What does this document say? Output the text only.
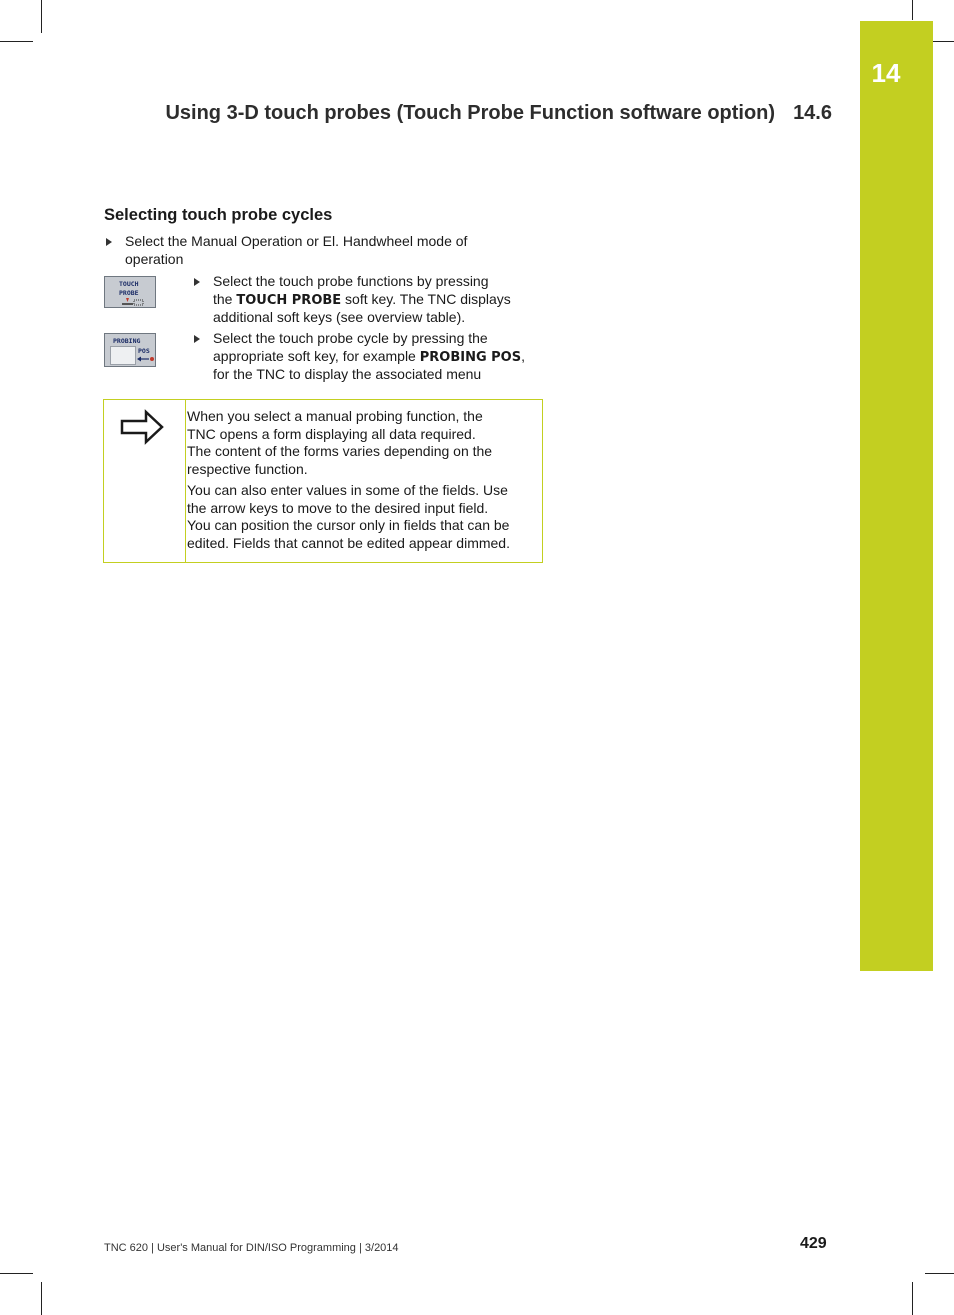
14
Using 3-D touch probes (Touch Probe Function software option) 14.6
Selecting touch probe cycles
Select the Manual Operation or El. Handwheel mode of
operation
TOUCH
PROBE
Select the touch probe functions by pressing
the TOUCH PROBE soft key. The TNC displays
additional soft keys (see overview table).
PROBING
POS
Select the touch probe cycle by pressing the
appropriate soft key, for example PROBING POS,
for the TNC to display the associated menu

When you select a manual probing function, the
TNC opens a form displaying all data required.
The content of the forms varies depending on the
respective function.

You can also enter values in some of the fields. Use
the arrow keys to move to the desired input field.
You can position the cursor only in fields that can be
edited. Fields that cannot be edited appear dimmed.

TNC 620 | User's Manual for DIN/ISO Programming | 3/2014	429
